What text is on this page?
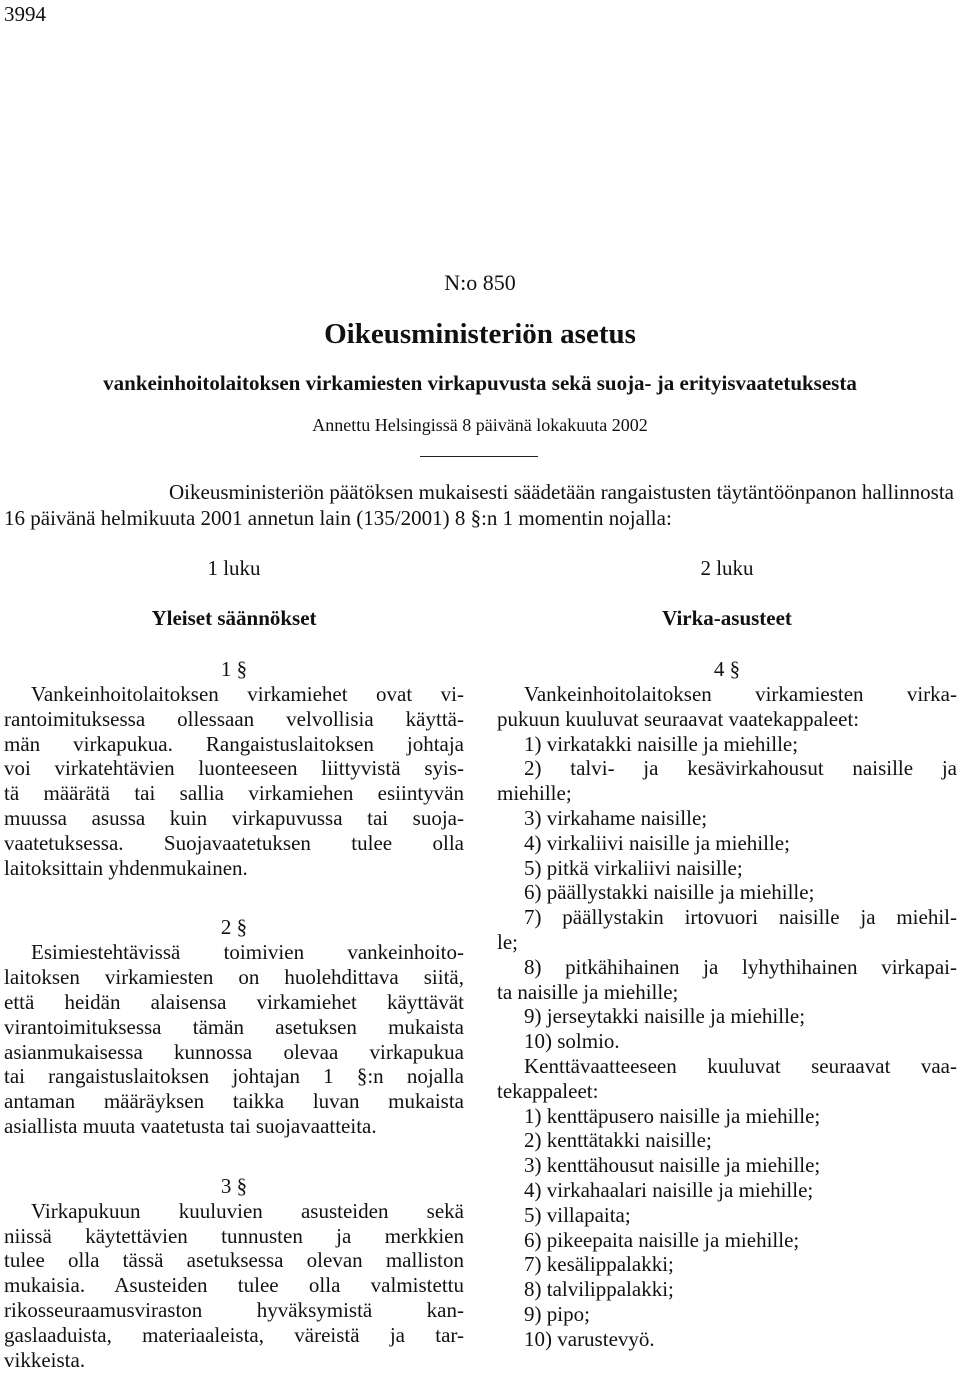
3994
N:o 850
Oikeusministeriön asetus
vankeinhoitolaitoksen virkamiesten virkapuvusta sekä suoja- ja erityisvaatetuksesta
Annettu Helsingissä 8 päivänä lokakuuta 2002
Oikeusministeriön päätöksen mukaisesti säädetään rangaistusten täytäntöönpanon hallinnosta
16 päivänä helmikuuta 2001 annetun lain (135/2001) 8 §:n 1 momentin nojalla:
1 luku
Yleiset säännökset
1 §
Vankeinhoitolaitoksen virkamiehet ovat vi-
rantoimituksessa ollessaan velvollisia käyttä-
män virkapukua. Rangaistuslaitoksen johtaja
voi virkatehtävien luonteeseen liittyvistä syis-
tä määrätä tai sallia virkamiehen esiintyvän
muussa asussa kuin virkapuvussa tai suoja-
vaatetuksessa. Suojavaatetuksen tulee olla
laitoksittain yhdenmukainen.
2 §
Esimiestehtävissä toimivien vankeinhoito-
laitoksen virkamiesten on huolehdittava siitä,
että heidän alaisensa virkamiehet käyttävät
virantoimituksessa tämän asetuksen mukaista
asianmukaisessa kunnossa olevaa virkapukua
tai rangaistuslaitoksen johtajan 1 §:n nojalla
antaman määräyksen taikka luvan mukaista
asiallista muuta vaatetusta tai suojavaatteita.
3 §
Virkapukuun kuuluvien asusteiden sekä
niissä käytettävien tunnusten ja merkkien
tulee olla tässä asetuksessa olevan malliston
mukaisia. Asusteiden tulee olla valmistettu
rikosseuraamusviraston hyväksymistä kan-
gaslaaduista, materiaaleista, väreistä ja tar-
vikkeista.
2 luku
Virka-asusteet
4 §
Vankeinhoitolaitoksen virkamiesten virka-
pukuun kuuluvat seuraavat vaatekappaleet:
1) virkatakki naisille ja miehille;
2) talvi- ja kesävirkahousut naisille ja
miehille;
3) virkahame naisille;
4) virkaliivi naisille ja miehille;
5) pitkä virkaliivi naisille;
6) päällystakki naisille ja miehille;
7) päällystakin irtovuori naisille ja miehil-
le;
8) pitkähihainen ja lyhythihainen virkapai-
ta naisille ja miehille;
9) jerseytakki naisille ja miehille;
10) solmio.
Kenttävaatteeseen kuuluvat seuraavat vaa-
tekappaleet:
1) kenttäpusero naisille ja miehille;
2) kenttätakki naisille;
3) kenttähousut naisille ja miehille;
4) virkahaalari naisille ja miehille;
5) villapaita;
6) pikeepaita naisille ja miehille;
7) kesälippalakki;
8) talvilippalakki;
9) pipo;
10) varustevyö.
